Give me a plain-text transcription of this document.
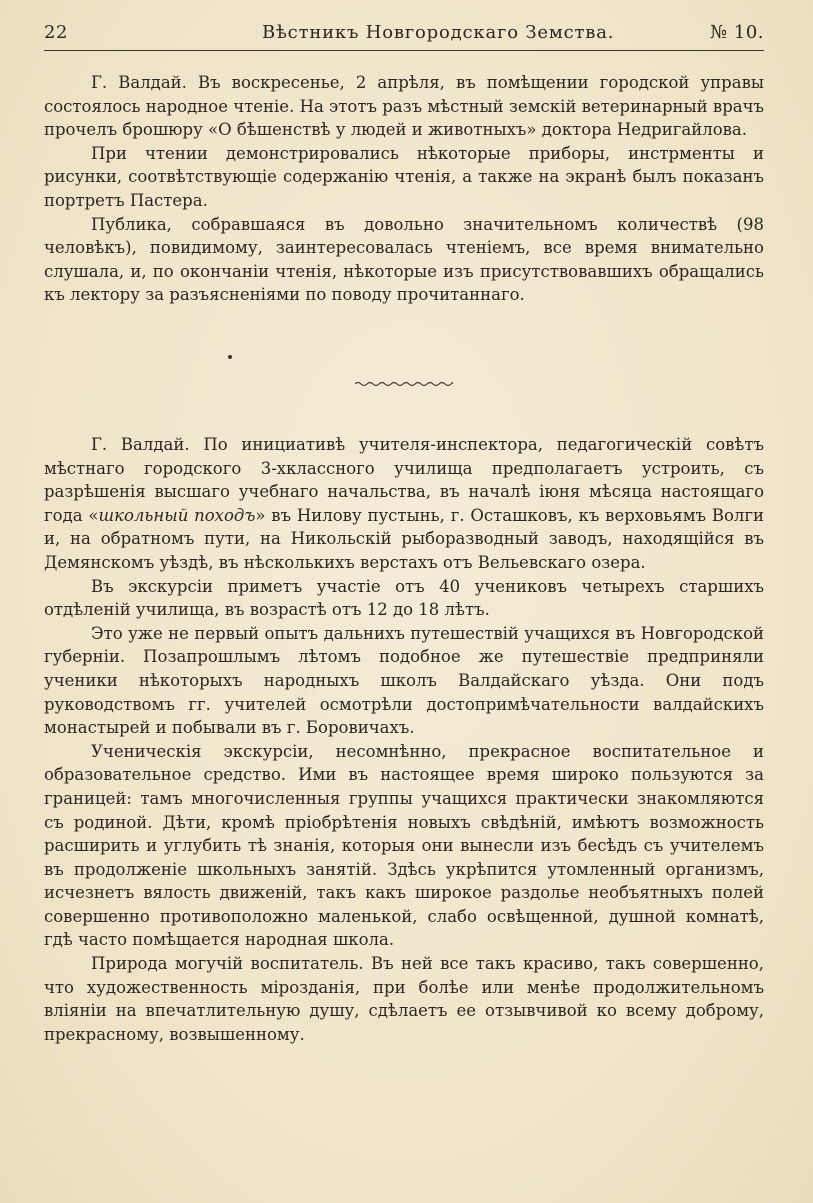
22	Вѣстникъ Новгородскаго Земства.	№ 10.

Г. Валдай. Въ воскресенье, 2 апрѣля, въ помѣщении городской управы состоялось народное чтеніе. На этотъ разъ мѣстный земскій ветеринарный врачъ прочелъ брошюру «О бѣшенствѣ у людей и животныхъ» доктора Недригайлова.

При чтении демонстрировались нѣкоторые приборы, инстрменты и рисунки, соотвѣтствующіе содержанію чтенія, а также на экранѣ былъ показанъ портретъ Пастера.

Публика, собравшаяся въ довольно значительномъ количествѣ (98 человѣкъ), повидимому, заинтересовалась чтеніемъ, все время внимательно слушала, и, по окончаніи чтенія, нѣкоторые изъ присутствовавшихъ обращались къ лектору за разъясненіями по поводу прочитаннаго.

Г. Валдай. По инициативѣ учителя-инспектора, педагогическій совѣтъ мѣстнаго городского 3-хклассного училища предполагаетъ устроить, съ разрѣшенія высшаго учебнаго начальства, въ началѣ іюня мѣсяца настоящаго года «школьный походъ» въ Нилову пустынь, г. Осташковъ, къ верховьямъ Волги и, на обратномъ пути, на Никольскій рыборазводный заводъ, находящійся въ Демянскомъ уѣздѣ, въ нѣсколькихъ верстахъ отъ Вельевскаго озера.

Въ экскурсіи приметъ участіе отъ 40 учениковъ четырехъ старшихъ отдѣленій училища, въ возрастѣ отъ 12 до 18 лѣтъ.

Это уже не первый опытъ дальнихъ путешествій учащихся въ Новгородской губерніи. Позапрошлымъ лѣтомъ подобное же путешествіе предприняли ученики нѣкоторыхъ народныхъ школъ Валдайскаго уѣзда. Они подъ руководствомъ гг. учителей осмотрѣли достопримѣчательности валдайскихъ монастырей и побывали въ г. Боровичахъ.

Ученическія экскурсіи, несомнѣнно, прекрасное воспитательное и образовательное средство. Ими въ настоящее время широко пользуются за границей: тамъ многочисленныя группы учащихся практически знакомляются съ родиной. Дѣти, кромѣ пріобрѣтенія новыхъ свѣдѣній, имѣютъ возможность расширить и углубить тѣ знанія, которыя они вынесли изъ бесѣдъ съ учителемъ въ продолженіе школьныхъ занятій. Здѣсь укрѣпится утомленный организмъ, исчезнетъ вялость движеній, такъ какъ широкое раздолье необъятныхъ полей совершенно противоположно маленькой, слабо освѣщенной, душной комнатѣ, гдѣ часто помѣщается народная школа.

Природа могучій воспитатель. Въ ней все такъ красиво, такъ совершенно, что художественность мірозданія, при болѣе или менѣе продолжительномъ вліяніи на впечатлительную душу, сдѣлаетъ ее отзывчивой ко всему доброму, прекрасному, возвышенному.
